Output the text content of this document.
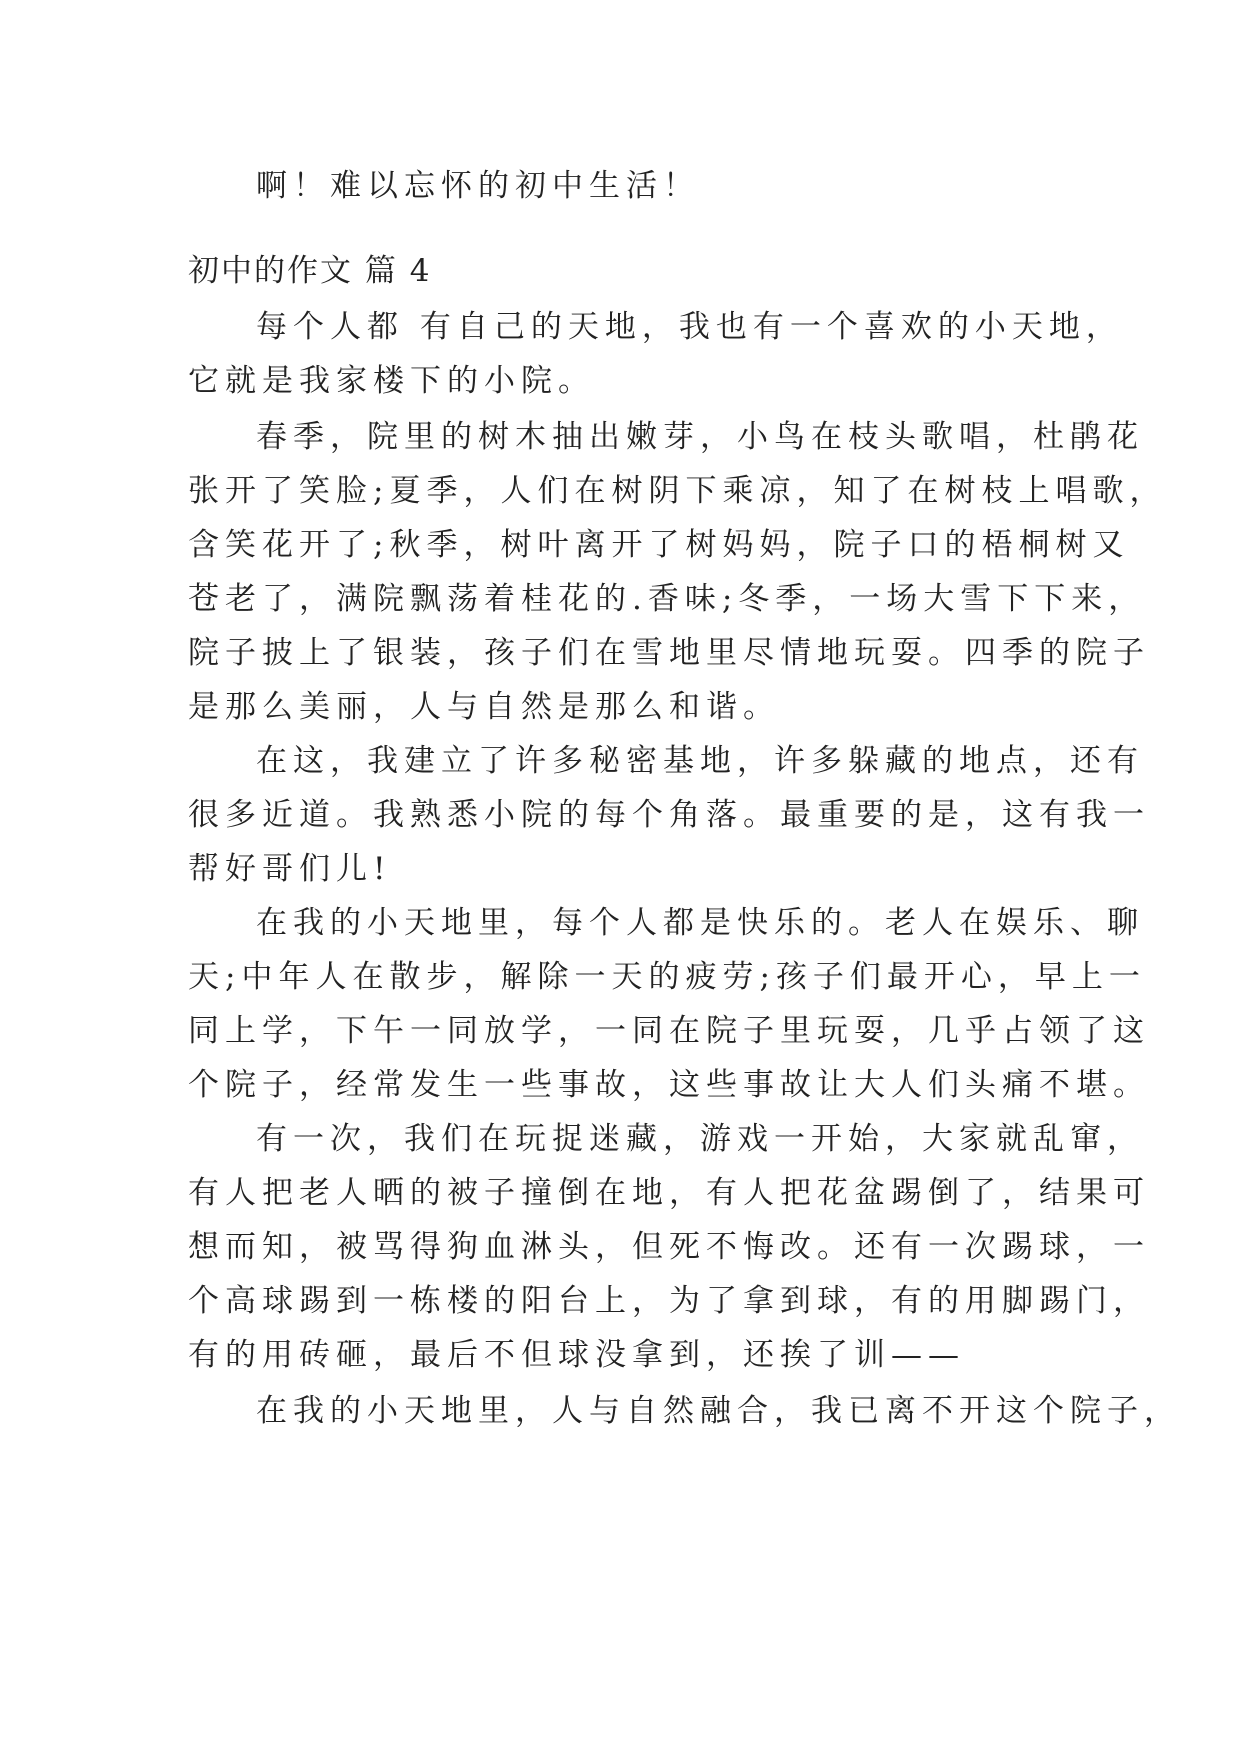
啊！难以忘怀的初中生活！
初中的作文 篇 4
每个人都 有自己的天地，我也有一个喜欢的小天地，
它就是我家楼下的小院。
春季，院里的树木抽出嫩芽，小鸟在枝头歌唱，杜鹃花
张开了笑脸;夏季，人们在树阴下乘凉，知了在树枝上唱歌，
含笑花开了;秋季，树叶离开了树妈妈，院子口的梧桐树又
苍老了，满院飘荡着桂花的.香味;冬季，一场大雪下下来，
院子披上了银装，孩子们在雪地里尽情地玩耍。四季的院子
是那么美丽，人与自然是那么和谐。
在这，我建立了许多秘密基地，许多躲藏的地点，还有
很多近道。我熟悉小院的每个角落。最重要的是，这有我一
帮好哥们儿!
在我的小天地里，每个人都是快乐的。老人在娱乐、聊
天;中年人在散步，解除一天的疲劳;孩子们最开心，早上一
同上学，下午一同放学，一同在院子里玩耍，几乎占领了这
个院子，经常发生一些事故，这些事故让大人们头痛不堪。
有一次，我们在玩捉迷藏，游戏一开始，大家就乱窜，
有人把老人晒的被子撞倒在地，有人把花盆踢倒了，结果可
想而知，被骂得狗血淋头，但死不悔改。还有一次踢球，一
个高球踢到一栋楼的阳台上，为了拿到球，有的用脚踢门，
有的用砖砸，最后不但球没拿到，还挨了训——
在我的小天地里，人与自然融合，我已离不开这个院子，
